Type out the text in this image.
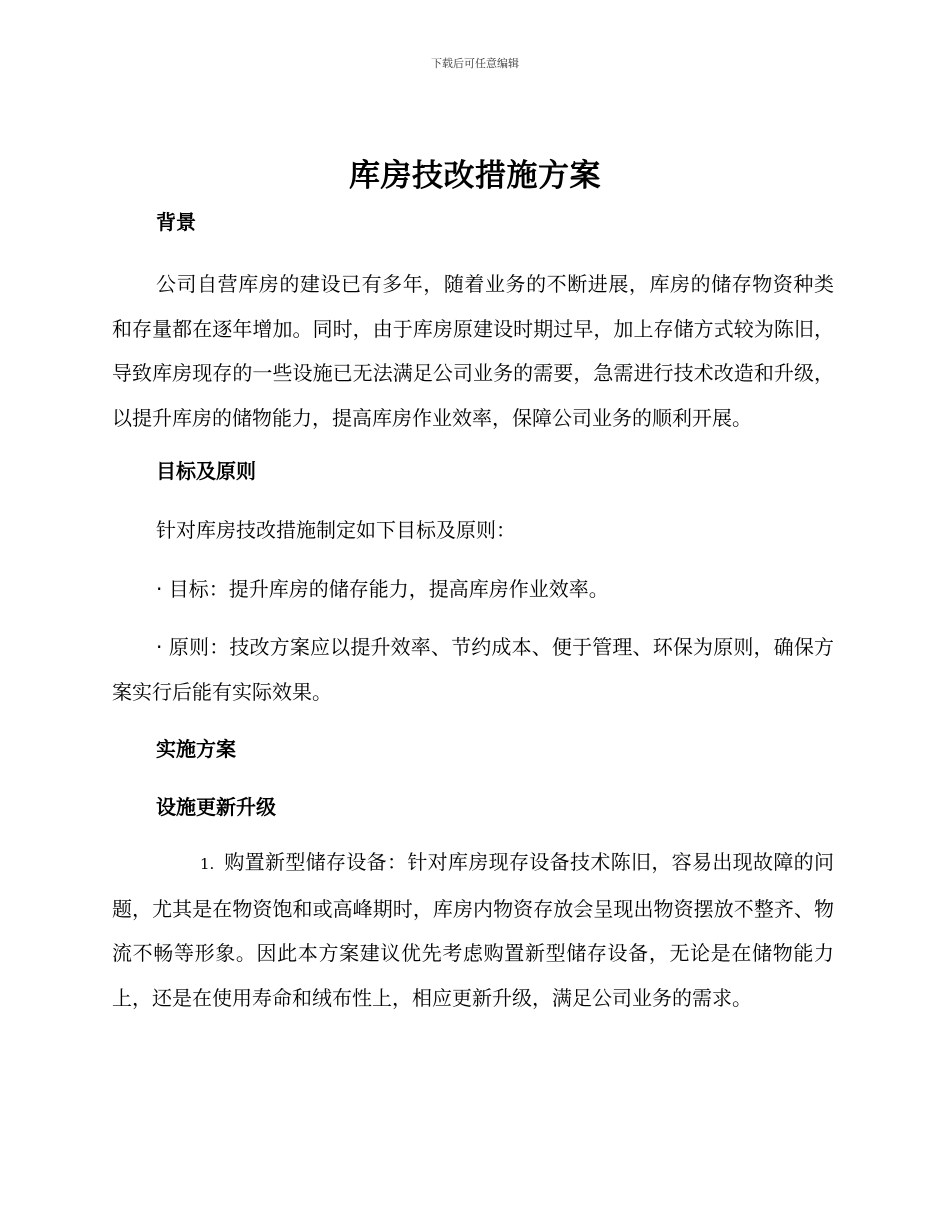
下载后可任意编辑
库房技改措施方案

背景

公司自营库房的建设已有多年，随着业务的不断进展，库房的储存物资种类和存量都在逐年增加。同时，由于库房原建设时期过早，加上存储方式较为陈旧，导致库房现存的一些设施已无法满足公司业务的需要，急需进行技术改造和升级，以提升库房的储物能力，提高库房作业效率，保障公司业务的顺利开展。

目标及原则

针对库房技改措施制定如下目标及原则：

· 目标：提升库房的储存能力，提高库房作业效率。

· 原则：技改方案应以提升效率、节约成本、便于管理、环保为原则，确保方案实行后能有实际效果。

实施方案

设施更新升级

1. 购置新型储存设备：针对库房现存设备技术陈旧，容易出现故障的问题，尤其是在物资饱和或高峰期时，库房内物资存放会呈现出物资摆放不整齐、物流不畅等形象。因此本方案建议优先考虑购置新型储存设备，无论是在储物能力上，还是在使用寿命和绒布性上，相应更新升级，满足公司业务的需求。
